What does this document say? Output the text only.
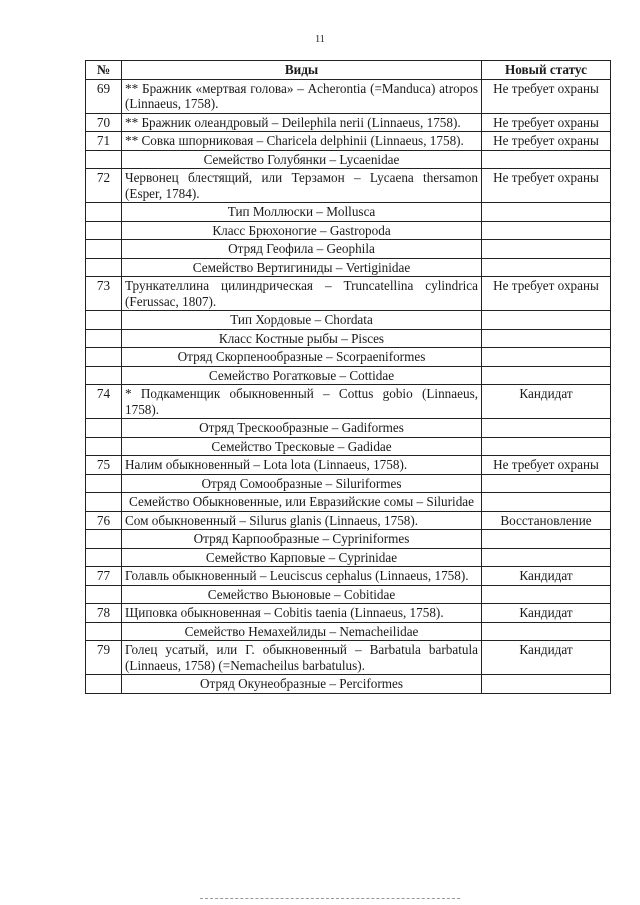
11
№	Виды	Новый статус
69	** Бражник «мертвая голова» – Acherontia (=Manduca) atropos (Linnaeus, 1758).	Не требует охраны
70	** Бражник олеандровый – Deilephila nerii (Linnaeus, 1758).	Не требует охраны
71	** Совка шпорниковая – Charicela delphinii (Linnaeus, 1758).	Не требует охраны
	Семейство Голубянки – Lycaenidae	
72	Червонец блестящий, или Терзамон – Lycaena thersamon (Esper, 1784).	Не требует охраны
	Тип Моллюски – Mollusca	
	Класс Брюхоногие – Gastropoda	
	Отряд Геофила – Geophila	
	Семейство Вертигиниды – Vertiginidae	
73	Трункателлина цилиндрическая – Truncatellina cylindrica (Ferussac, 1807).	Не требует охраны
	Тип Хордовые – Chordata	
	Класс Костные рыбы – Pisces	
	Отряд Скорпенообразные – Scorpaeniformes	
	Семейство Рогатковые – Cottidae	
74	* Подкаменщик обыкновенный – Cottus gobio (Linnaeus, 1758).	Кандидат
	Отряд Трескообразные – Gadiformes	
	Семейство Тресковые – Gadidae	
75	Налим обыкновенный – Lota lota (Linnaeus, 1758).	Не требует охраны
	Отряд Сомообразные – Siluriformes	
	Семейство Обыкновенные, или Евразийские сомы – Siluridae	
76	Сом обыкновенный – Silurus glanis (Linnaeus, 1758).	Восстановление
	Отряд Карпообразные – Cypriniformes	
	Семейство Карповые – Cyprinidae	
77	Голавль обыкновенный – Leuciscus cephalus (Linnaeus, 1758).	Кандидат
	Семейство Вьюновые – Cobitidae	
78	Щиповка обыкновенная – Cobitis taenia (Linnaeus, 1758).	Кандидат
	Семейство Немахейлиды – Nemacheilidae	
79	Голец усатый, или Г. обыкновенный – Barbatula barbatula (Linnaeus, 1758) (=Nemacheilus barbatulus).	Кандидат
	Отряд Окунеобразные – Perciformes	
